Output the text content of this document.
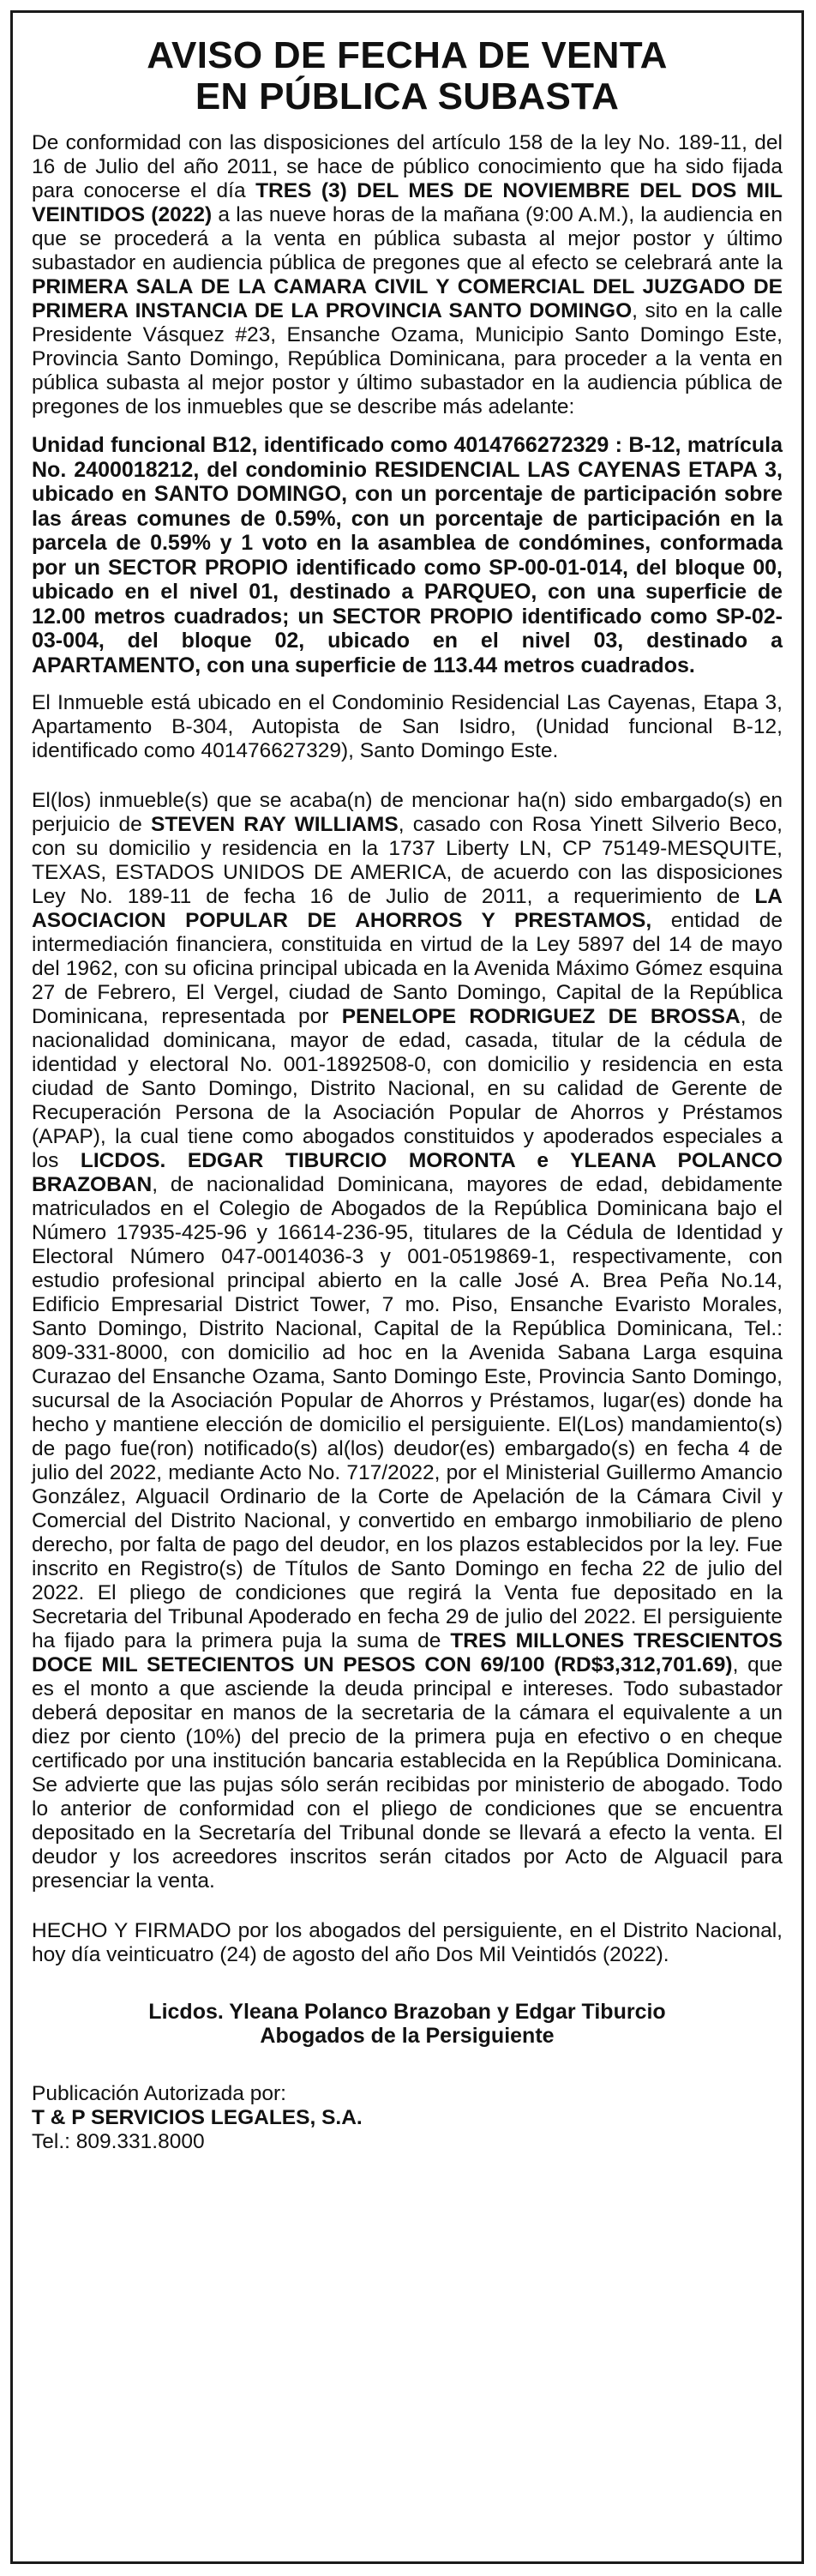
AVISO DE FECHA DE VENTA
EN PÚBLICA SUBASTA

De conformidad con las disposiciones del artículo 158 de la ley No. 189-11, del 16 de Julio del año 2011, se hace de público conocimiento que ha sido fijada para conocerse el día TRES (3) DEL MES DE NOVIEMBRE DEL DOS MIL VEINTIDOS (2022) a las nueve horas de la mañana (9:00 A.M.), la audiencia en que se procederá a la venta en pública subasta al mejor postor y último subastador en audiencia pública de pregones que al efecto se celebrará ante la PRIMERA SALA DE LA CAMARA CIVIL Y COMERCIAL DEL JUZGADO DE PRIMERA INSTANCIA DE LA PROVINCIA SANTO DOMINGO, sito en la calle Presidente Vásquez #23, Ensanche Ozama, Municipio Santo Domingo Este, Provincia Santo Domingo, República Dominicana, para proceder a la venta en pública subasta al mejor postor y último subastador en la audiencia pública de pregones de los inmuebles que se describe más adelante:

Unidad funcional B12, identificado como 4014766272329 : B-12, matrícula No. 2400018212, del condominio RESIDENCIAL LAS CAYENAS ETAPA 3, ubicado en SANTO DOMINGO, con un porcentaje de participación sobre las áreas comunes de 0.59%, con un porcentaje de participación en la parcela de 0.59% y 1 voto en la asamblea de condómines, conformada por un SECTOR PROPIO identificado como SP-00-01-014, del bloque 00, ubicado en el nivel 01, destinado a PARQUEO, con una superficie de 12.00 metros cuadrados; un SECTOR PROPIO identificado como SP-02-03-004, del bloque 02, ubicado en el nivel 03, destinado a APARTAMENTO, con una superficie de 113.44 metros cuadrados.

El Inmueble está ubicado en el Condominio Residencial Las Cayenas, Etapa 3, Apartamento B-304, Autopista de San Isidro, (Unidad funcional B-12, identificado como 401476627329), Santo Domingo Este.

El(los) inmueble(s) que se acaba(n) de mencionar ha(n) sido embargado(s) en perjuicio de STEVEN RAY WILLIAMS, casado con Rosa Yinett Silverio Beco, con su domicilio y residencia en la 1737 Liberty LN, CP 75149-MESQUITE, TEXAS, ESTADOS UNIDOS DE AMERICA, de acuerdo con las disposiciones Ley No. 189-11 de fecha 16 de Julio de 2011, a requerimiento de LA ASOCIACION POPULAR DE AHORROS Y PRESTAMOS, entidad de intermediación financiera, constituida en virtud de la Ley 5897 del 14 de mayo del 1962, con su oficina principal ubicada en la Avenida Máximo Gómez esquina 27 de Febrero, El Vergel, ciudad de Santo Domingo, Capital de la República Dominicana, representada por PENELOPE RODRIGUEZ DE BROSSA, de nacionalidad dominicana, mayor de edad, casada, titular de la cédula de identidad y electoral No. 001-1892508-0, con domicilio y residencia en esta ciudad de Santo Domingo, Distrito Nacional, en su calidad de Gerente de Recuperación Persona de la Asociación Popular de Ahorros y Préstamos (APAP), la cual tiene como abogados constituidos y apoderados especiales a los LICDOS. EDGAR TIBURCIO MORONTA e YLEANA POLANCO BRAZOBAN, de nacionalidad Dominicana, mayores de edad, debidamente matriculados en el Colegio de Abogados de la República Dominicana bajo el Número 17935-425-96 y 16614-236-95, titulares de la Cédula de Identidad y Electoral Número 047-0014036-3 y 001-0519869-1, respectivamente, con estudio profesional principal abierto en la calle José A. Brea Peña No.14, Edificio Empresarial District Tower, 7 mo. Piso, Ensanche Evaristo Morales, Santo Domingo, Distrito Nacional, Capital de la República Dominicana, Tel.: 809-331-8000, con domicilio ad hoc en la Avenida Sabana Larga esquina Curazao del Ensanche Ozama, Santo Domingo Este, Provincia Santo Domingo, sucursal de la Asociación Popular de Ahorros y Préstamos, lugar(es) donde ha hecho y mantiene elección de domicilio el persiguiente. El(Los) mandamiento(s) de pago fue(ron) notificado(s) al(los) deudor(es) embargado(s) en fecha 4 de julio del 2022, mediante Acto No. 717/2022, por el Ministerial Guillermo Amancio González, Alguacil Ordinario de la Corte de Apelación de la Cámara Civil y Comercial del Distrito Nacional, y convertido en embargo inmobiliario de pleno derecho, por falta de pago del deudor, en los plazos establecidos por la ley. Fue inscrito en Registro(s) de Títulos de Santo Domingo en fecha 22 de julio del 2022. El pliego de condiciones que regirá la Venta fue depositado en la Secretaria del Tribunal Apoderado en fecha 29 de julio del 2022. El persiguiente ha fijado para la primera puja la suma de TRES MILLONES TRESCIENTOS DOCE MIL SETECIENTOS UN PESOS CON 69/100 (RD$3,312,701.69), que es el monto a que asciende la deuda principal e intereses. Todo subastador deberá depositar en manos de la secretaria de la cámara el equivalente a un diez por ciento (10%) del precio de la primera puja en efectivo o en cheque certificado por una institución bancaria establecida en la República Dominicana. Se advierte que las pujas sólo serán recibidas por ministerio de abogado. Todo lo anterior de conformidad con el pliego de condiciones que se encuentra depositado en la Secretaría del Tribunal donde se llevará a efecto la venta. El deudor y los acreedores inscritos serán citados por Acto de Alguacil para presenciar la venta.

HECHO Y FIRMADO por los abogados del persiguiente, en el Distrito Nacional, hoy día veinticuatro (24) de agosto del año Dos Mil Veintidós (2022).

Licdos. Yleana Polanco Brazoban y Edgar Tiburcio
Abogados de la Persiguiente
Publicación Autorizada por:
T & P SERVICIOS LEGALES, S.A.
Tel.: 809.331.8000
